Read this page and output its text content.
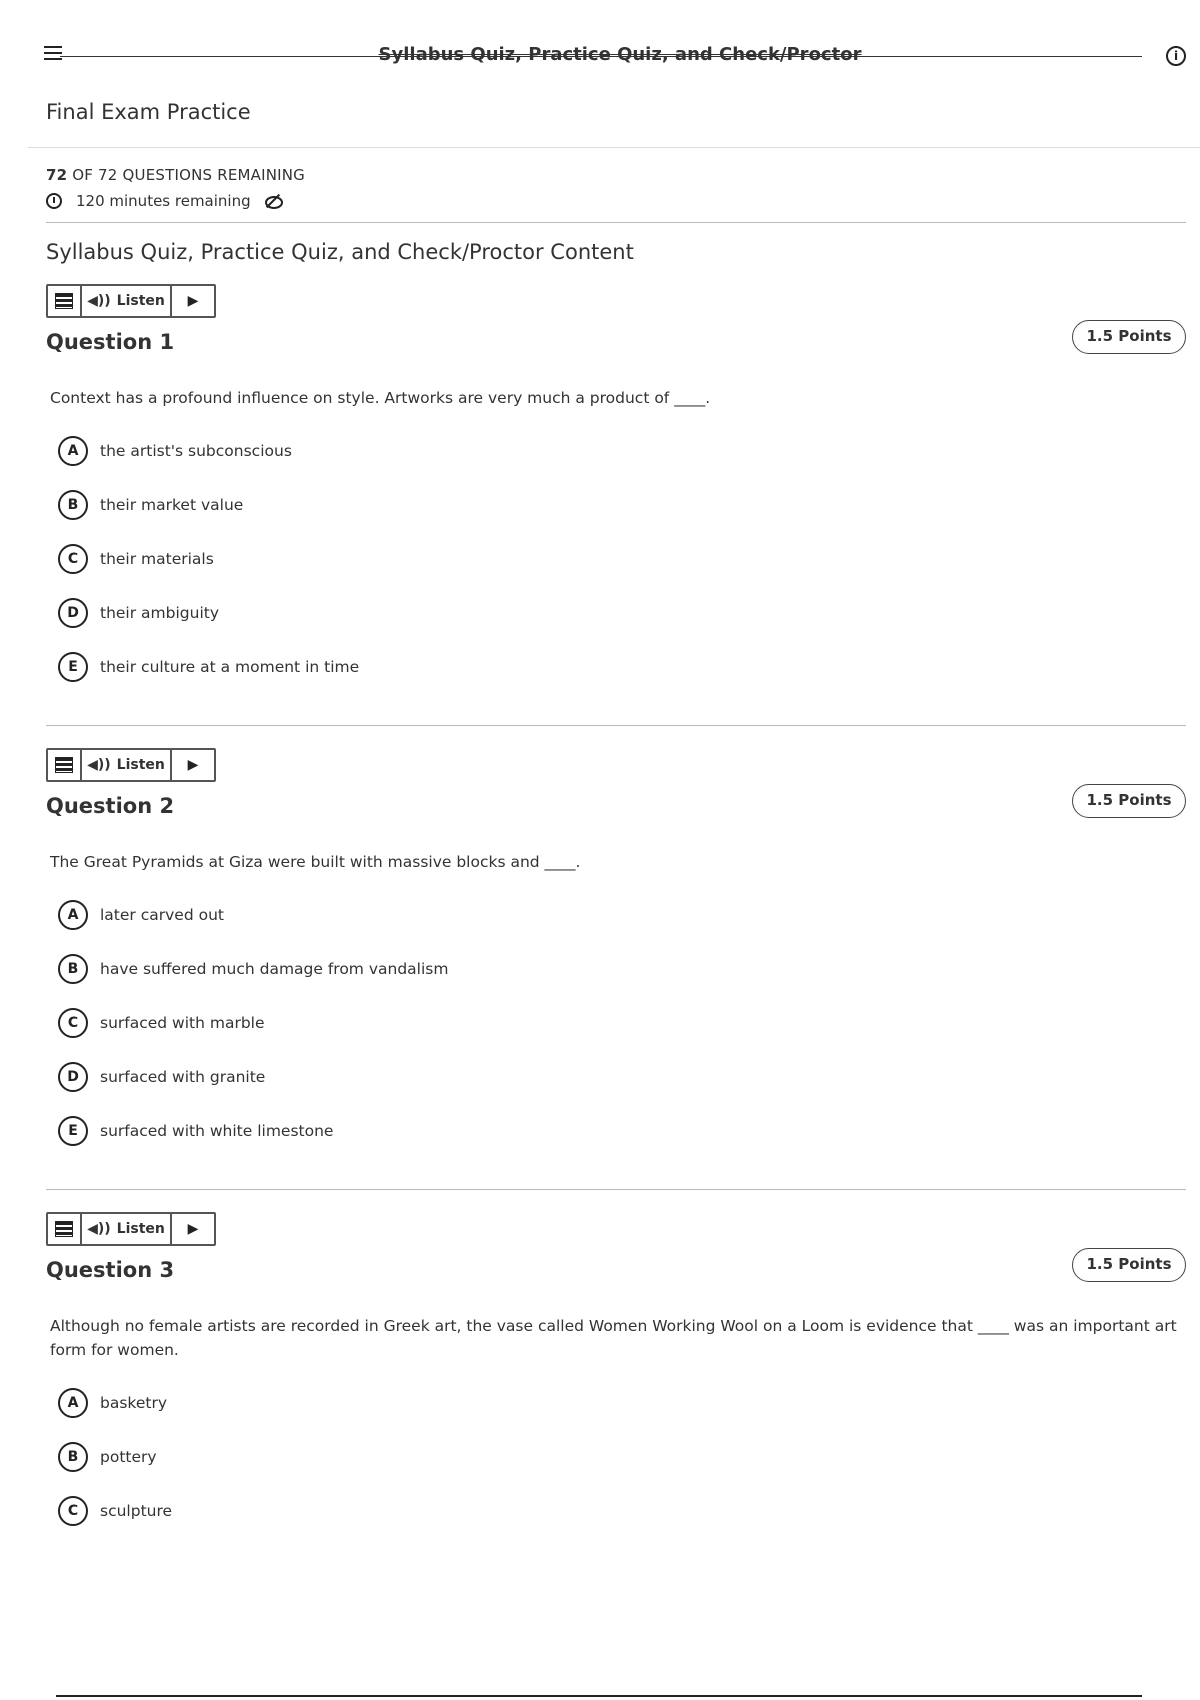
Syllabus Quiz, Practice Quiz, and Check/Proctor	i
Final Exam Practice
72 OF 72 QUESTIONS REMAINING
120 minutes remaining
Syllabus Quiz, Practice Quiz, and Check/Proctor Content
◀)) Listen ▶
Question 1	1.5 Points
Context has a profound influence on style. Artworks are very much a product of ____.
A	the artist's subconscious
B	their market value
C	their materials
D	their ambiguity
E	their culture at a moment in time
◀)) Listen ▶
Question 2	1.5 Points
The Great Pyramids at Giza were built with massive blocks and ____.
A	later carved out
B	have suffered much damage from vandalism
C	surfaced with marble
D	surfaced with granite
E	surfaced with white limestone
◀)) Listen ▶
Question 3	1.5 Points
Although no female artists are recorded in Greek art, the vase called Women Working Wool on a Loom is evidence that ____ was an important art form for women.
A	basketry
B	pottery
C	sculpture
